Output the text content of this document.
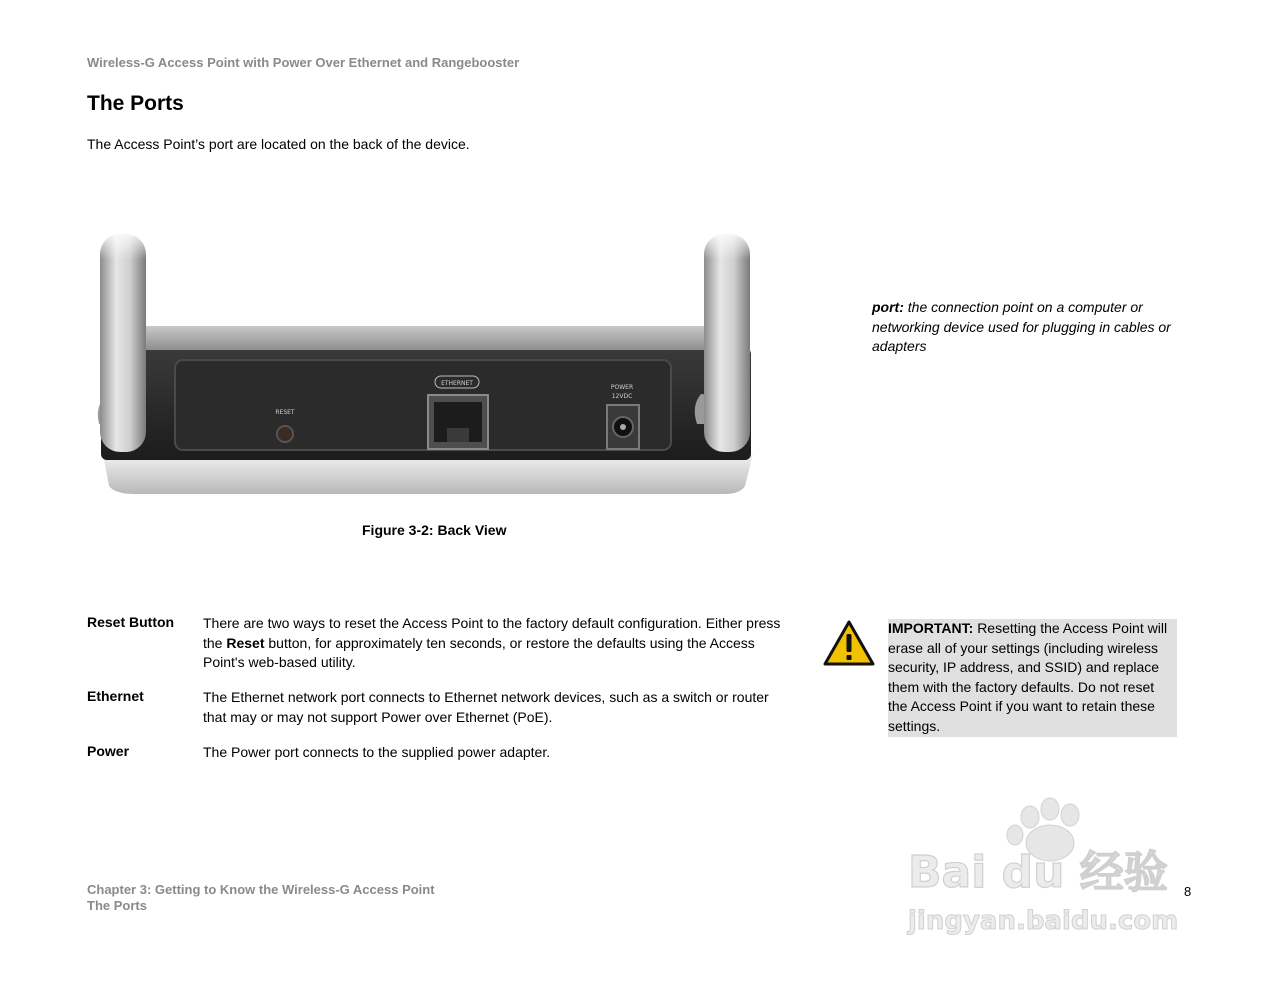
Wireless-G Access Point with Power Over Ethernet and Rangebooster
The Ports
The Access Point’s port are located on the back of the device.
RESET
ETHERNET
POWER
12VDC
Figure 3-2: Back View
port: the connection point on a computer or networking device used for plugging in cables or adapters
Reset Button There are two ways to reset the Access Point to the factory default configuration. Either press the Reset button, for approximately ten seconds, or restore the defaults using the Access Point's web-based utility.
Ethernet	The Ethernet network port connects to Ethernet network devices, such as a switch or router that may or may not support Power over Ethernet (PoE).
Power	The Power port connects to the supplied power adapter.
IMPORTANT: Resetting the Access Point will erase all of your settings (including wireless security, IP address, and SSID) and replace them with the factory defaults. Do not reset the Access Point if you want to retain these settings.
Chapter 3: Getting to Know the Wireless-G Access Point
The Ports
8
Bai du 经验
jingyan.baidu.com
